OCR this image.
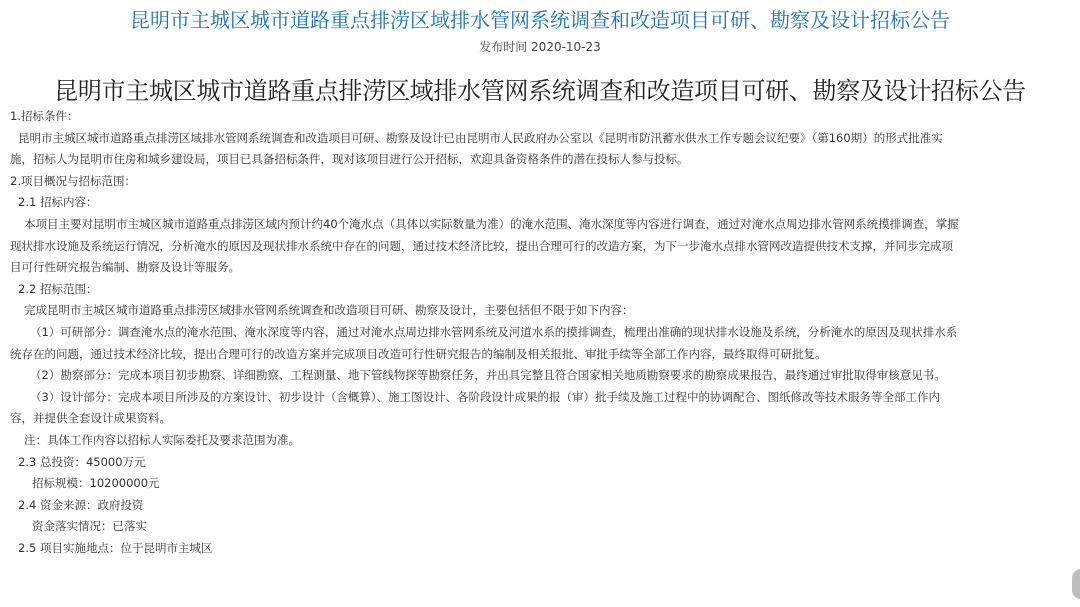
昆明市主城区城市道路重点排涝区域排水管网系统调查和改造项目可研、勘察及设计招标公告
发布时间 2020-10-23
昆明市主城区城市道路重点排涝区域排水管网系统调查和改造项目可研、勘察及设计招标公告
1.招标条件：
昆明市主城区城市道路重点排涝区域排水管网系统调查和改造项目可研、勘察及设计已由昆明市人民政府办公室以《昆明市防汛蓄水供水工作专题会议纪要》（第160期）的形式批准实
施，招标人为昆明市住房和城乡建设局，项目已具备招标条件，现对该项目进行公开招标，欢迎具备资格条件的潜在投标人参与投标。
2.项目概况与招标范围：
2.1 招标内容：
本项目主要对昆明市主城区城市道路重点排涝区域内预计约40个淹水点（具体以实际数量为准）的淹水范围、淹水深度等内容进行调查，通过对淹水点周边排水管网系统摸排调查，掌握
现状排水设施及系统运行情况，分析淹水的原因及现状排水系统中存在的问题，通过技术经济比较，提出合理可行的改造方案，为下一步淹水点排水管网改造提供技术支撑，并同步完成项
目可行性研究报告编制、勘察及设计等服务。
2.2 招标范围：
完成昆明市主城区城市道路重点排涝区域排水管网系统调查和改造项目可研、勘察及设计，主要包括但不限于如下内容：
（1）可研部分：调查淹水点的淹水范围、淹水深度等内容，通过对淹水点周边排水管网系统及河道水系的摸排调查，梳理出准确的现状排水设施及系统，分析淹水的原因及现状排水系
统存在的问题，通过技术经济比较，提出合理可行的改造方案并完成项目改造可行性研究报告的编制及相关报批、审批手续等全部工作内容，最终取得可研批复。
（2）勘察部分：完成本项目初步勘察、详细勘察、工程测量、地下管线物探等勘察任务，并出具完整且符合国家相关地质勘察要求的勘察成果报告，最终通过审批取得审核意见书。
（3）设计部分：完成本项目所涉及的方案设计、初步设计（含概算）、施工图设计、各阶段设计成果的报（审）批手续及施工过程中的协调配合、图纸修改等技术服务等全部工作内
容，并提供全套设计成果资料。
注：具体工作内容以招标人实际委托及要求范围为准。
2.3 总投资：45000万元
招标规模：10200000元
2.4 资金来源：政府投资
资金落实情况：已落实
2.5 项目实施地点：位于昆明市主城区
